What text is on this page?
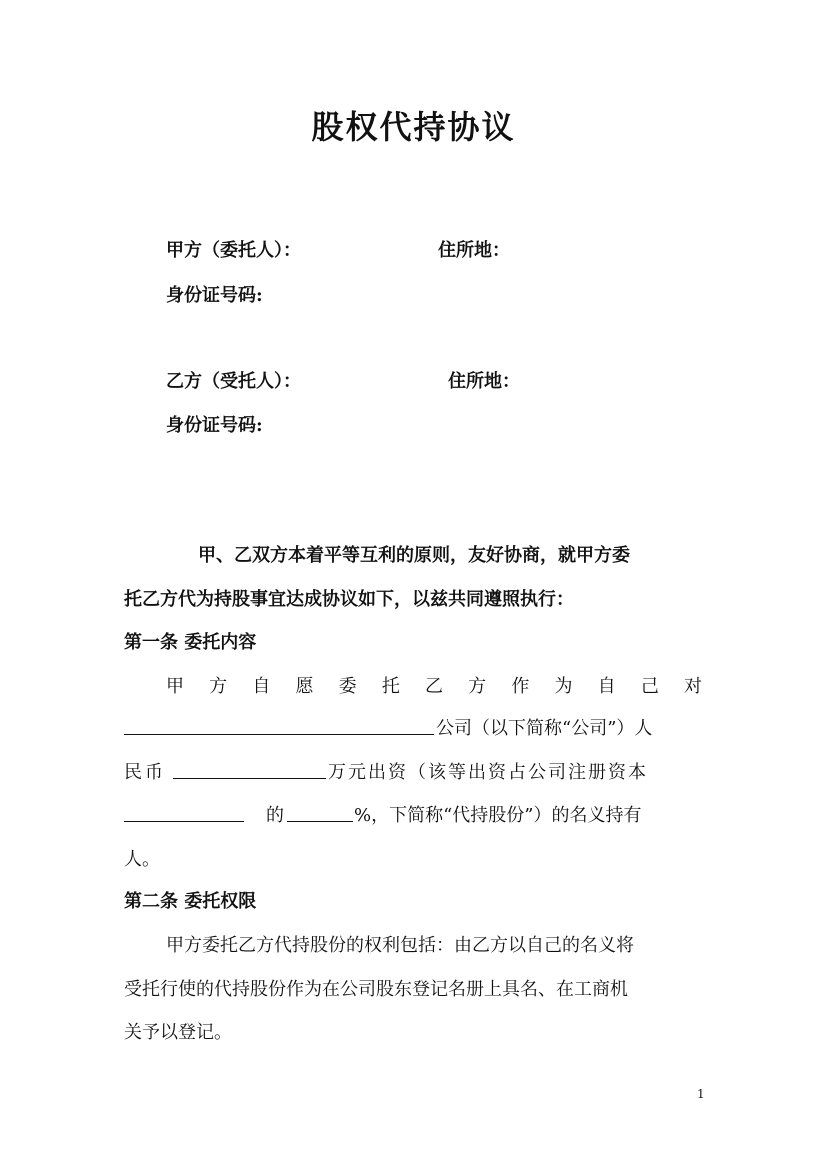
股权代持协议
甲方（委托人）：	住所地：
身份证号码:
乙方（受托人）：	住所地：
身份证号码:
甲、乙双方本着平等互利的原则，友好协商，就甲方委
托乙方代为持股事宜达成协议如下，以兹共同遵照执行：
第一条 委托内容
甲方自愿委托乙方作为自己对
公司（以下简称“公司”）人
民币	万元出资（该等出资占公司注册资本
的	%，下简称“代持股份”）的名义持有
人。
第二条 委托权限
甲方委托乙方代持股份的权利包括：由乙方以自己的名义将
受托行使的代持股份作为在公司股东登记名册上具名、在工商机
关予以登记。
1
